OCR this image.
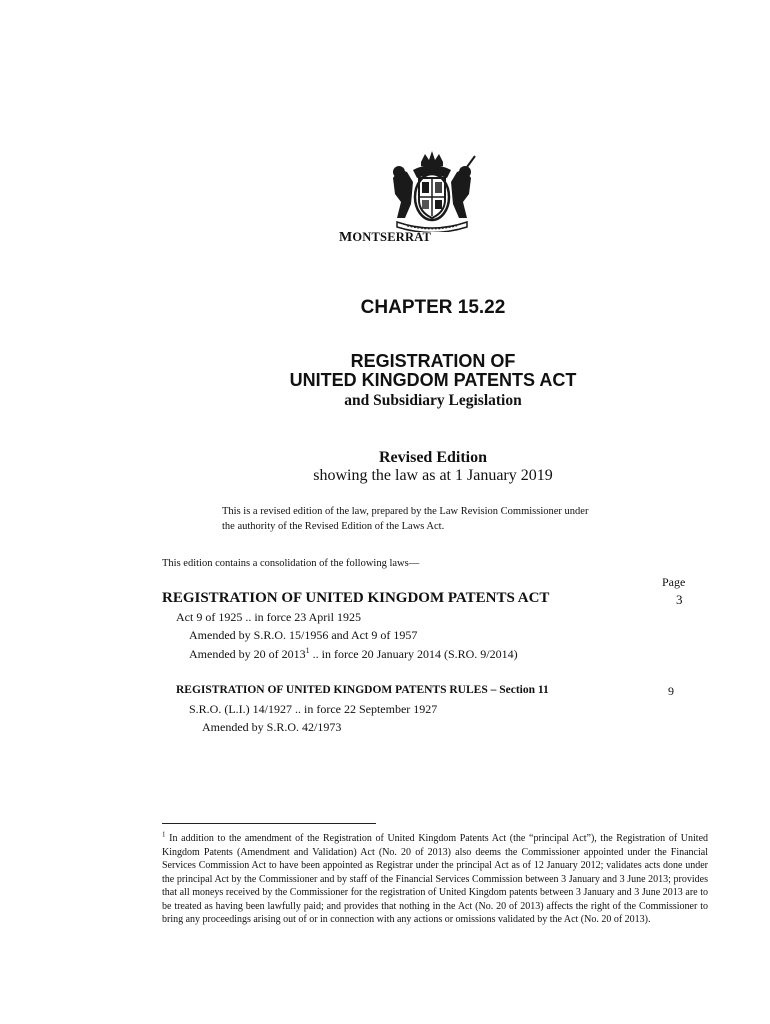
MONTSERRAT
CHAPTER 15.22
REGISTRATION OF
UNITED KINGDOM PATENTS ACT
and Subsidiary Legislation
Revised Edition
showing the law as at 1 January 2019
This is a revised edition of the law, prepared by the Law Revision Commissioner under
the authority of the Revised Edition of the Laws Act.
This edition contains a consolidation of the following laws—
Page
REGISTRATION OF UNITED KINGDOM PATENTS ACT	3
Act 9 of 1925 .. in force 23 April 1925
Amended by S.R.O. 15/1956 and Act 9 of 1957
Amended by 20 of 2013$^1$ .. in force 20 January 2014 (S.RO. 9/2014)
REGISTRATION OF UNITED KINGDOM PATENTS RULES – Section 11	9
S.R.O. (L.I.) 14/1927 .. in force 22 September 1927
Amended by S.R.O. 42/1973
$^1$ In addition to the amendment of the Registration of United Kingdom Patents Act (the “principal Act”), the Registration of United Kingdom Patents (Amendment and Validation) Act (No. 20 of 2013) also deems the Commissioner appointed under the Financial Services Commission Act to have been appointed as Registrar under the principal Act as of 12 January 2012; validates acts done under the principal Act by the Commissioner and by staff of the Financial Services Commission between 3 January and 3 June 2013; provides that all moneys received by the Commissioner for the registration of United Kingdom patents between 3 January and 3 June 2013 are to be treated as having been lawfully paid; and provides that nothing in the Act (No. 20 of 2013) affects the right of the Commissioner to bring any proceedings arising out of or in connection with any actions or omissions validated by the Act (No. 20 of 2013).
